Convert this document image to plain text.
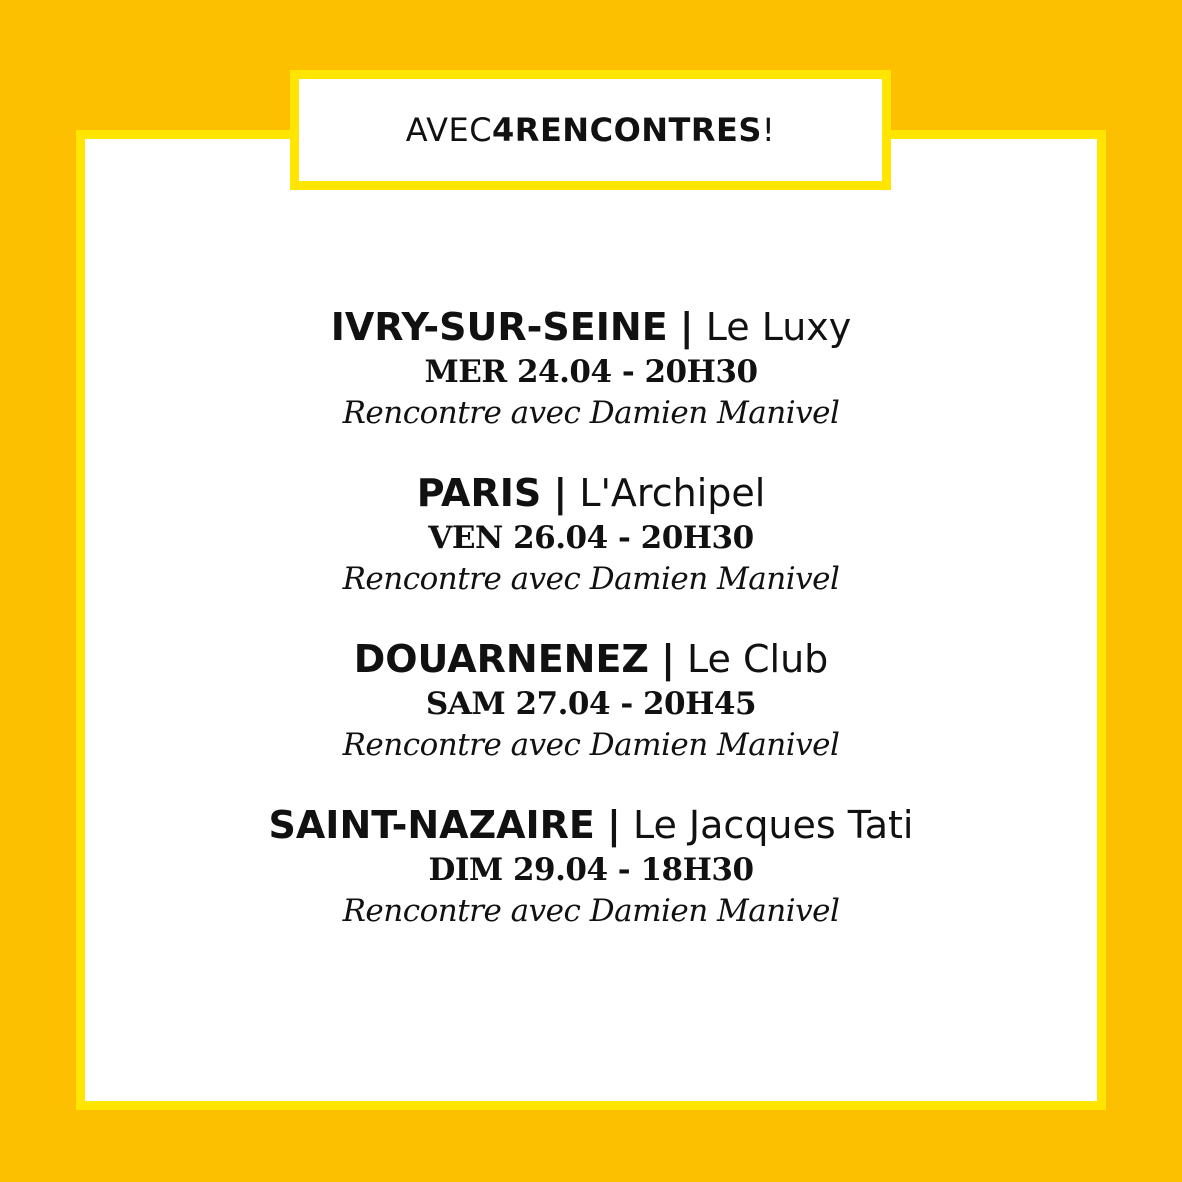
AVEC 4 RENCONTRES !
IVRY-SUR-SEINE | Le Luxy
MER 24.04 - 20H30
Rencontre avec Damien Manivel
PARIS | L'Archipel
VEN 26.04 - 20H30
Rencontre avec Damien Manivel
DOUARNENEZ | Le Club
SAM 27.04 - 20H45
Rencontre avec Damien Manivel
SAINT-NAZAIRE | Le Jacques Tati
DIM 29.04 - 18H30
Rencontre avec Damien Manivel
